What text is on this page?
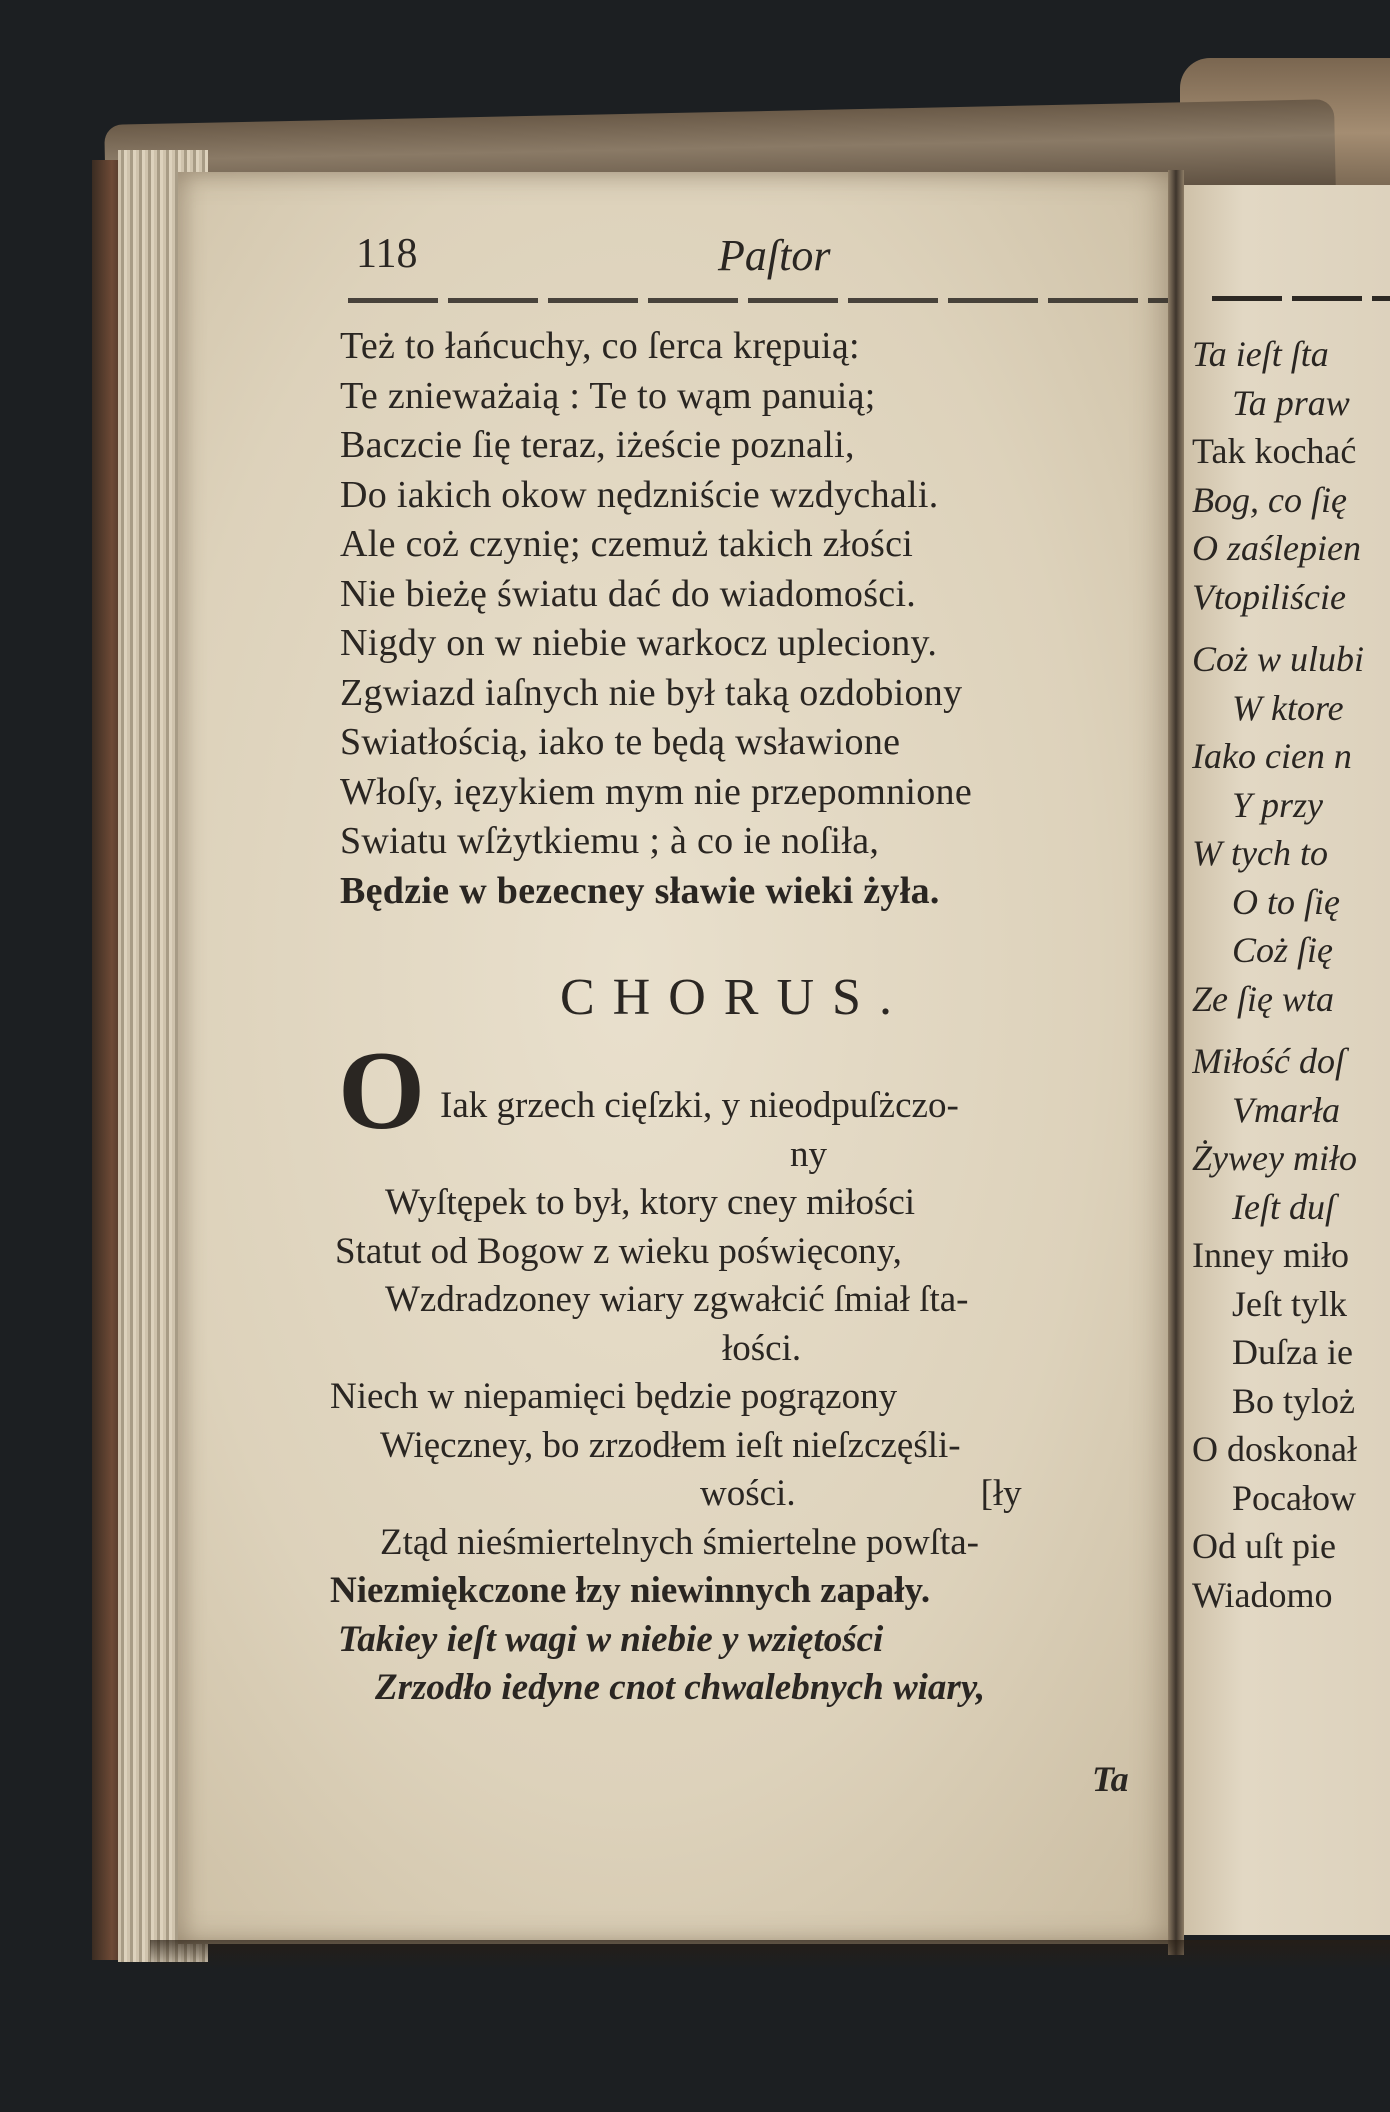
118	Paſtor
Też to łańcuchy, co ſerca krępuią:
Te znieważaią : Te to wąm panuią;
Baczcie ſię teraz, iżeście poznali,
Do iakich okow nędzniście wzdychali.
Ale coż czynię; czemuż takich złości
Nie bieżę światu dać do wiadomości.
Nigdy on w niebie warkocz upleciony.
Zgwiazd iaſnych nie był taką ozdobiony
Swiatłością, iako te będą wsławione
Włoſy, ięzykiem mym nie przepomnione
Swiatu wſżytkiemu ; à co ie noſiła,
Będzie w bezecney sławie wieki żyła.
CHORUS.
O Iak grzech cięſzki, y nieodpuſżczo-
ny
Wyſtępek to był, ktory cney miłości
Statut od Bogow z wieku poświęcony,
Wzdradzoney wiary zgwałcić ſmiał ſta-
łości.
Niech w niepamięci będzie pogrązony
Więczney, bo zrzodłem ieſt nieſzczęśli-
wości.                    [ły
Ztąd nieśmiertelnych śmiertelne powſta-
Niezmiękczone łzy niewinnych zapały.
Takiey ieſt wagi w niebie y wziętości
Zrzodło iedyne cnot chwalebnych wiary,
Ta
Ta ieſt ſta
Ta praw
Tak kochać
Bog, co ſię
O zaślepien
Vtopiliście
Coż w ulubi
W ktore
Iako cien n
Y przy
W tych to
O to ſię
Coż ſię
Ze ſię wta
Miłość doſ
Vmarła
Żywey miło
Ieſt duſ
Inney miło
Jeſt tylk
Duſza ie
Bo tyloż
O doskonał
Pocałow
Od uſt pie
Wiadomo
